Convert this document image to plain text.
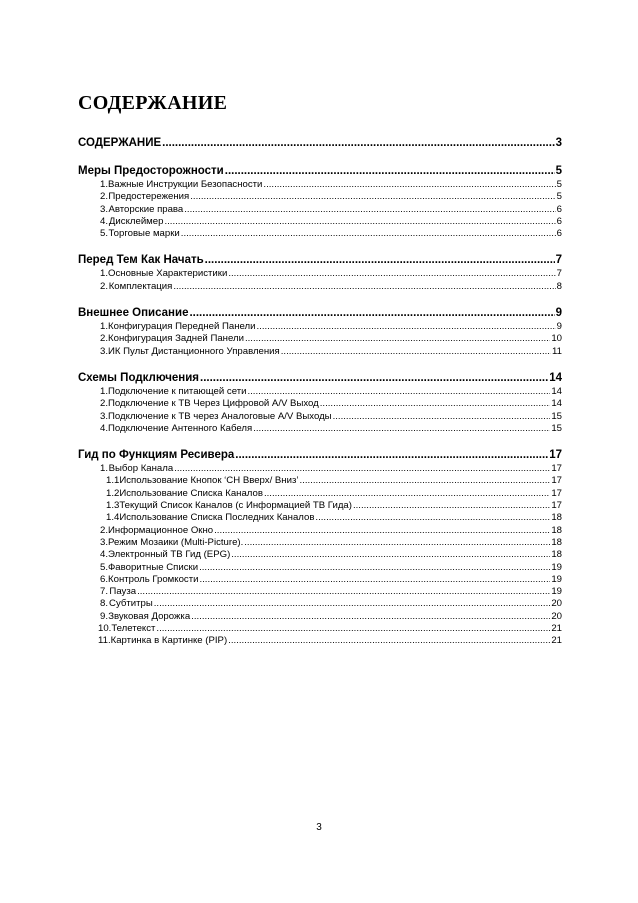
СОДЕРЖАНИЕ
СОДЕРЖАНИЕ .....	3
Меры Предосторожности .....	5
1. Важные Инструкции Безопасности .....	5
2. Предостережения .....	5
3. Авторские права .....	6
4. Дисклеймер .....	6
5. Торговые марки .....	6
Перед Тем Как Начать .....	7
1. Основные Характеристики .....	7
2. Комплектация .....	8
Внешнее Описание .....	9
1. Конфигурация Передней Панели .....	9
2. Конфигурация Задней Панели .....	10
3. ИК Пульт Дистанционного Управления .....	11
Схемы Подключения .....	14
1. Подключение к питающей сети .....	14
2. Подключение к ТВ Через Цифровой A/V Выход .....	14
3. Подключение к ТВ через Аналоговые A/V Выходы .....	15
4. Подключение Антенного Кабеля .....	15
Гид по Функциям Ресивера .....	17
1. Выбор Канала .....	17
1.1 Использование Кнопок ‘CH Вверх/ Вниз’ .....	17
1.2 Использование Списка Каналов .....	17
1.3 Текущий Список Каналов (с Информацией ТВ Гида) .....	17
1.4 Использование Списка Последних Каналов .....	18
2. Информационное Окно .....	18
3. Режим Мозаики (Multi-Picture). .....	18
4. Электронный ТВ Гид (EPG) .....	18
5. Фаворитные Списки .....	19
6. Контроль Громкости .....	19
7. Пауза .....	19
8. Субтитры .....	20
9. Звуковая Дорожка .....	20
10. Телетекст .....	21
11. Картинка в Картинке (PIP) .....	21
3
